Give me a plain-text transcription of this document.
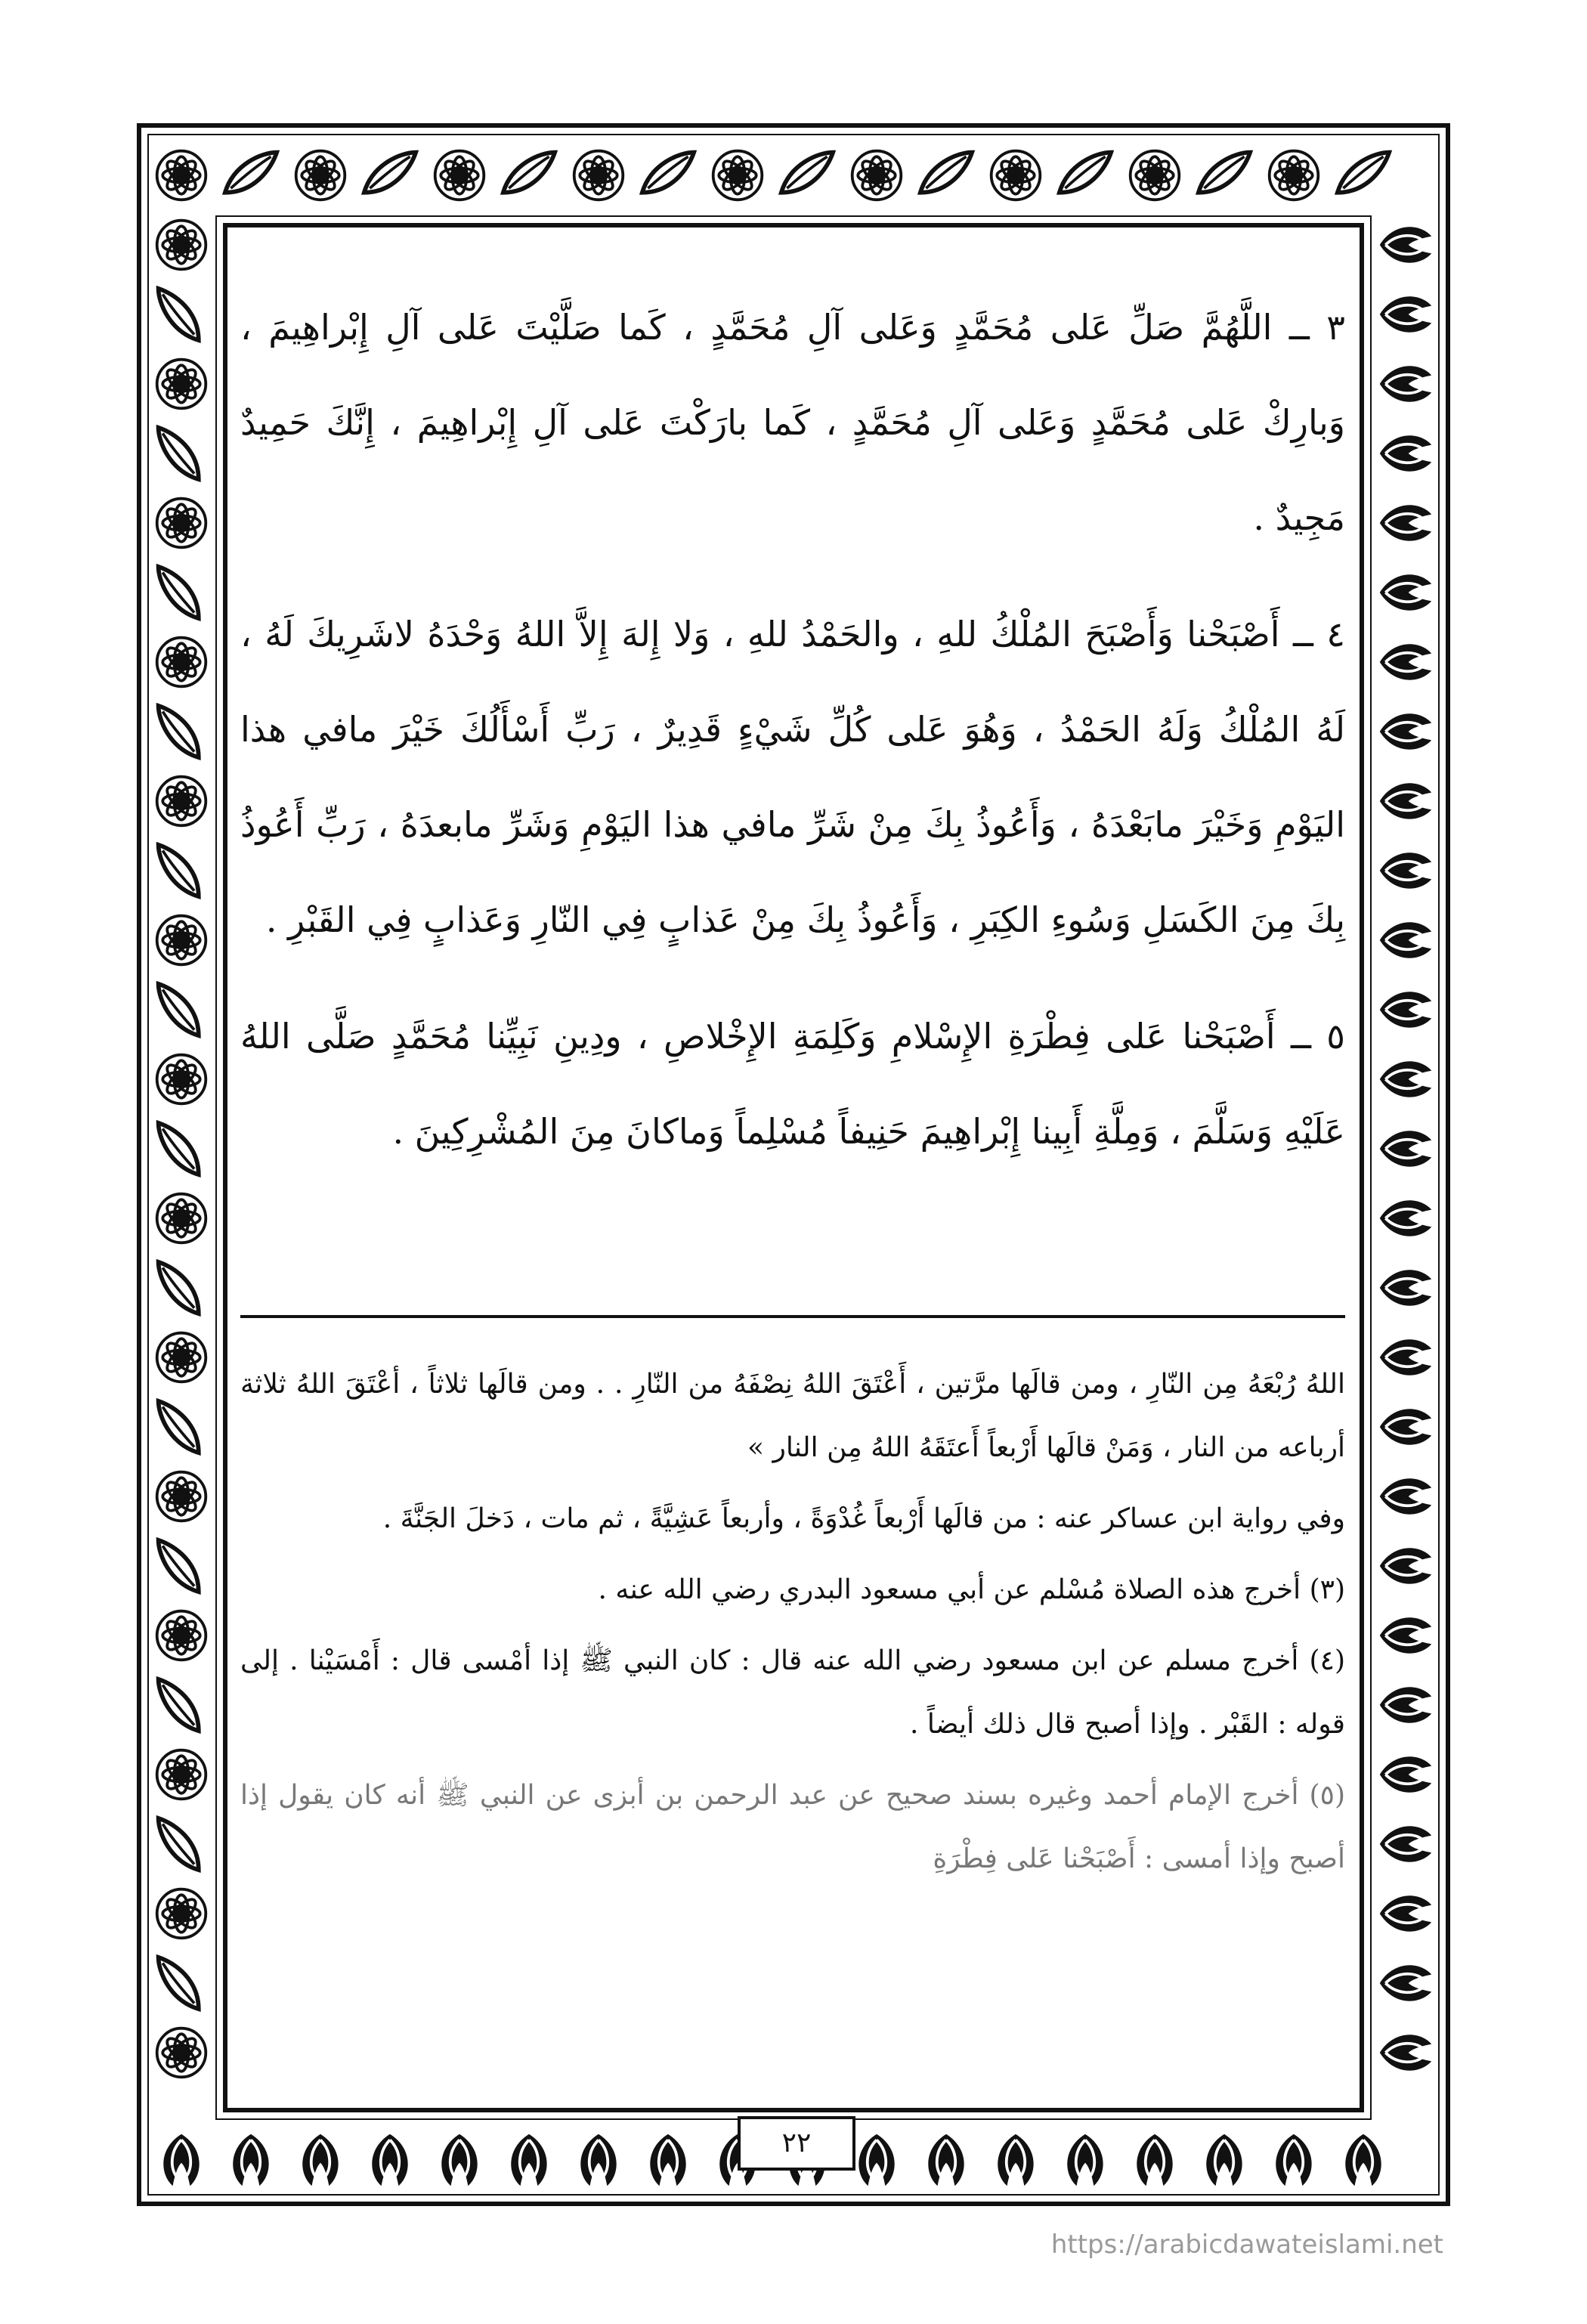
٣ ــ اللَّهُمَّ صَلِّ عَلى مُحَمَّدٍ وَعَلى آلِ مُحَمَّدٍ ، كَما صَلَّيْتَ عَلى آلِ إِبْراهِيمَ ، وَبارِكْ عَلى مُحَمَّدٍ وَعَلى آلِ مُحَمَّدٍ ، كَما بارَكْتَ عَلى آلِ إِبْراهِيمَ ، إِنَّكَ حَمِيدٌ مَجِيدٌ .

٤ ــ أَصْبَحْنا وَأَصْبَحَ المُلْكُ للهِ ، والحَمْدُ للهِ ، وَلا إِلهَ إِلاَّ اللهُ وَحْدَهُ لاشَرِيكَ لَهُ ، لَهُ المُلْكُ وَلَهُ الحَمْدُ ، وَهُوَ عَلى كُلِّ شَيْءٍ قَدِيرٌ ، رَبِّ أَسْأَلُكَ خَيْرَ مافي هذا اليَوْمِ وَخَيْرَ مابَعْدَهُ ، وَأَعُوذُ بِكَ مِنْ شَرِّ مافي هذا اليَوْمِ وَشَرِّ مابعدَهُ ، رَبِّ أَعُوذُ بِكَ مِنَ الكَسَلِ وَسُوءِ الكِبَرِ ، وَأَعُوذُ بِكَ مِنْ عَذابٍ فِي النّارِ وَعَذابٍ فِي القَبْرِ .

٥ ــ أَصْبَحْنا عَلى فِطْرَةِ الإِسْلامِ وَكَلِمَةِ الإِخْلاصِ ، ودِينِ نَبِيِّنا مُحَمَّدٍ صَلَّى اللهُ عَلَيْهِ وَسَلَّمَ ، وَمِلَّةِ أَبِينا إِبْراهِيمَ حَنِيفاً مُسْلِماً وَماكانَ مِنَ المُشْرِكِينَ .

اللهُ رُبْعَهُ مِن النّارِ ، ومن قالَها مرَّتين ، أَعْتَقَ اللهُ نِصْفَهُ من النّارِ . . ومن قالَها ثلاثاً ، أعْتَقَ اللهُ ثلاثة أرباعه من النار ، وَمَنْ قالَها أَرْبعاً أَعتَقَهُ اللهُ مِن النار »

وفي رواية ابن عساكر عنه : من قالَها أَرْبعاً غُدْوَةً ، وأربعاً عَشِيَّةً ، ثم مات ، دَخلَ الجَنَّةَ .

(٣) أخرج هذه الصلاة مُسْلم عن أبي مسعود البدري رضي الله عنه .

(٤) أخرج مسلم عن ابن مسعود رضي الله عنه قال : كان النبي ﷺ إذا أمْسى قال : أَمْسَيْنا . إلى قوله : القَبْر . وإذا أصبح قال ذلك أيضاً .

(٥) أخرج الإمام أحمد وغيره بسند صحيح عن عبد الرحمن بن أبزى عن النبي ﷺ أنه كان يقول إذا أصبح وإذا أمسى : أَصْبَحْنا عَلى فِطْرَةِ

٢٢
https://arabicdawateislami.net
